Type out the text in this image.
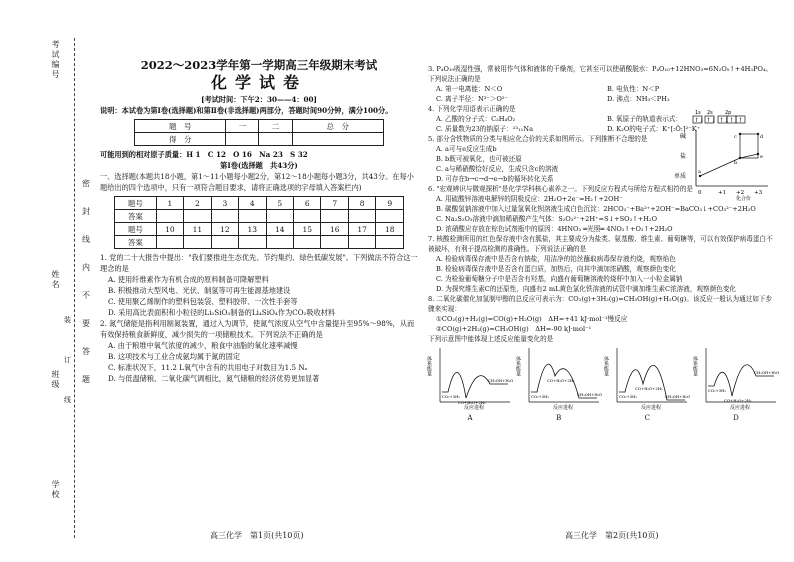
考试编号
姓名
班级
学校
密
封
线
内
不
要
答
题
装
订
线
2022～2023学年第一学期高三年级期末考试
化学试卷
[考试时间：下午2：30——4：00]
说明：本试卷为第Ⅰ卷(选择题)和第Ⅱ卷(非选择题)两部分，答题时间90分钟，满分100分。
题　号	一	二	总　分
得　分			
可能用到的相对原子质量：H 1　C 12　O 16　Na 23　S 32
第Ⅰ卷(选择题　共43分)
一、选择题(本题共18小题，第1～11小题每小题2分，第12～18小题每小题3分，共43分。在每小题给出的四个选项中，只有一项符合题目要求，请将正确选项的字母填入答案栏内)
题号	1	2	3	4	5	6	7	8	9
答案									
题号	10	11	12	13	14	15	16	17	18
答案									
1. 党的二十大报告中提出："我们要推进生态优先、节约集约、绿色低碳发展"。下列做法不符合这一理念的是
A. 使用纤维素作为有机合成的原料制备可降解塑料
B. 积极推动大型风电、光伏、制氢等可再生能源基地建设
C. 使用聚乙烯制作的塑料包装袋、塑料胶带、一次性手套等
D. 采用高比表面积和小粒径的Li₂SiO₃制备的Li₄SiO₄作为CO₂吸收材料
2. 氮气储能是指利用制氮装置，通过入为调节，使氮气浓度从空气中含量提升至95%～98%，从而有效保持粮食新鲜度，减少损失的一项储粮技术。下列说法不正确的是
A. 由于粮堆中氧气浓度的减少，粮食中油脂的氧化速率减慢
B. 这项技术与工业合成氨均属于氮的固定
C. 标准状况下，11.2 L氧气中含有的共用电子对数目为1.5 Nₐ
D. 与低温储粮、二氧化碳气调相比，氮气储粮的经济优势更加显著
高三化学　第1页(共10页)
3. P₄O₁₀吸湿性强，常被用作气体和液体的干燥剂，它甚至可以使硝酸脱水：P₄O₁₀+12HNO₃=6N₂O₅↑+4H₃PO₄。下列说法正确的是
A. 第一电离能：N＜O	B. 电负性：N＜P
C. 离子半径：N³⁻＞O²⁻	D. 沸点：NH₃＜PH₃
4. 下列化学用语表示正确的是
A. 乙酸的分子式：C₂H₄O₂	B. 氧原子的轨道表示式：
1s 2s 2p
↑↓ ↑↓ ↑↓ ↑ ↑
C. 质量数为23的钠原子：²³₁₁Na	D. K₂O的电子式：K⁺[:Ö:]²⁻K⁺
5. 部分含铁物质的分类与相应化合价的关系如图所示。下列推断不合理的是
A. a可与e反应生成b
B. b既可被氧化，也可被还原
C. a与稀硝酸恰好反应，生成只含c的溶液
D. 可存在b→c→d→e→b的循环转化关系
碱
盐
单质
0	+1 +2 +3
化合价
a
b
c	d
e
6. "宏观辨识与微观探析"是化学学科核心素养之一。下列反应方程式与所给方程式相符的是
A. 用硫酸锌溶液电解锌的阴极反应：2H₂O+2e⁻=H₂↑+2OH⁻
B. 碳酸氢钠溶液中加入过量氢氧化钡溶液生成白色沉淀：2HCO₃⁻+Ba²⁺+2OH⁻=BaCO₃↓+CO₃²⁻+2H₂O
C. Na₂S₂O₃溶液中滴加稀硝酸产生气体：S₂O₃²⁻+2H⁺=S↓+SO₂↑+H₂O
D. 浓硝酸应存放在棕色试剂瓶中的原因：4HNO₃ ═光照═ 4NO₂↑+O₂↑+2H₂O
7. 核酸检测所用的红色保存液中含有胍盐，其主要成分为盐类、氨基酸、维生素、葡萄糖等，可以有效保护病毒蛋白不被破坏，有利于提高检测的准确性。下列说法正确的是
A. 检验病毒保存液中是否含有钠盐，用洁净的铂丝蘸取病毒保存液灼烧，观察焰色
B. 检验病毒保存液中是否含有蛋白质，加热后，向其中滴加浓硝酸，观察颜色变化
C. 为检验葡萄糖分子中是否含有羟基，向盛有葡萄糖溶液的烧杯中加入一小粒金属钠
D. 为探究维生素C的还原性，向盛有2 mL黄色氯化铁溶液的试管中滴加维生素C浓溶液，观察颜色变化
8. 二氧化碳催化加氢制甲醇的总反应可表示为：CO₂(g)+3H₂(g)=CH₃OH(g)+H₂O(g)。该反应一般认为通过如下步骤来实现：
①CO₂(g)+H₂(g)=CO(g)+H₂O(g)　ΔH=+41 kJ·mol⁻¹慢反应
②CO(g)+2H₂(g)=CH₃OH(g)　ΔH=-90 kJ·mol⁻¹
下列示意图中能体现上述反应能量变化的是
体系能量
CO₂+3H₂
CO+H₂O+2H₂
CH₃OH+H₂O
反应进程
A
体系能量
CO₂+3H₂
CO+H₂O+2H₂
CH₃OH+H₂O
反应进程
B
体系能量
CO₂+3H₂
CO+H₂O+2H₂
CH₃OH+H₂O
反应进程
C
体系能量
CO₂+3H₂
CO+H₂O+2H₂
CH₃OH+H₂O
反应进程
D
高三化学　第2页(共10页)
